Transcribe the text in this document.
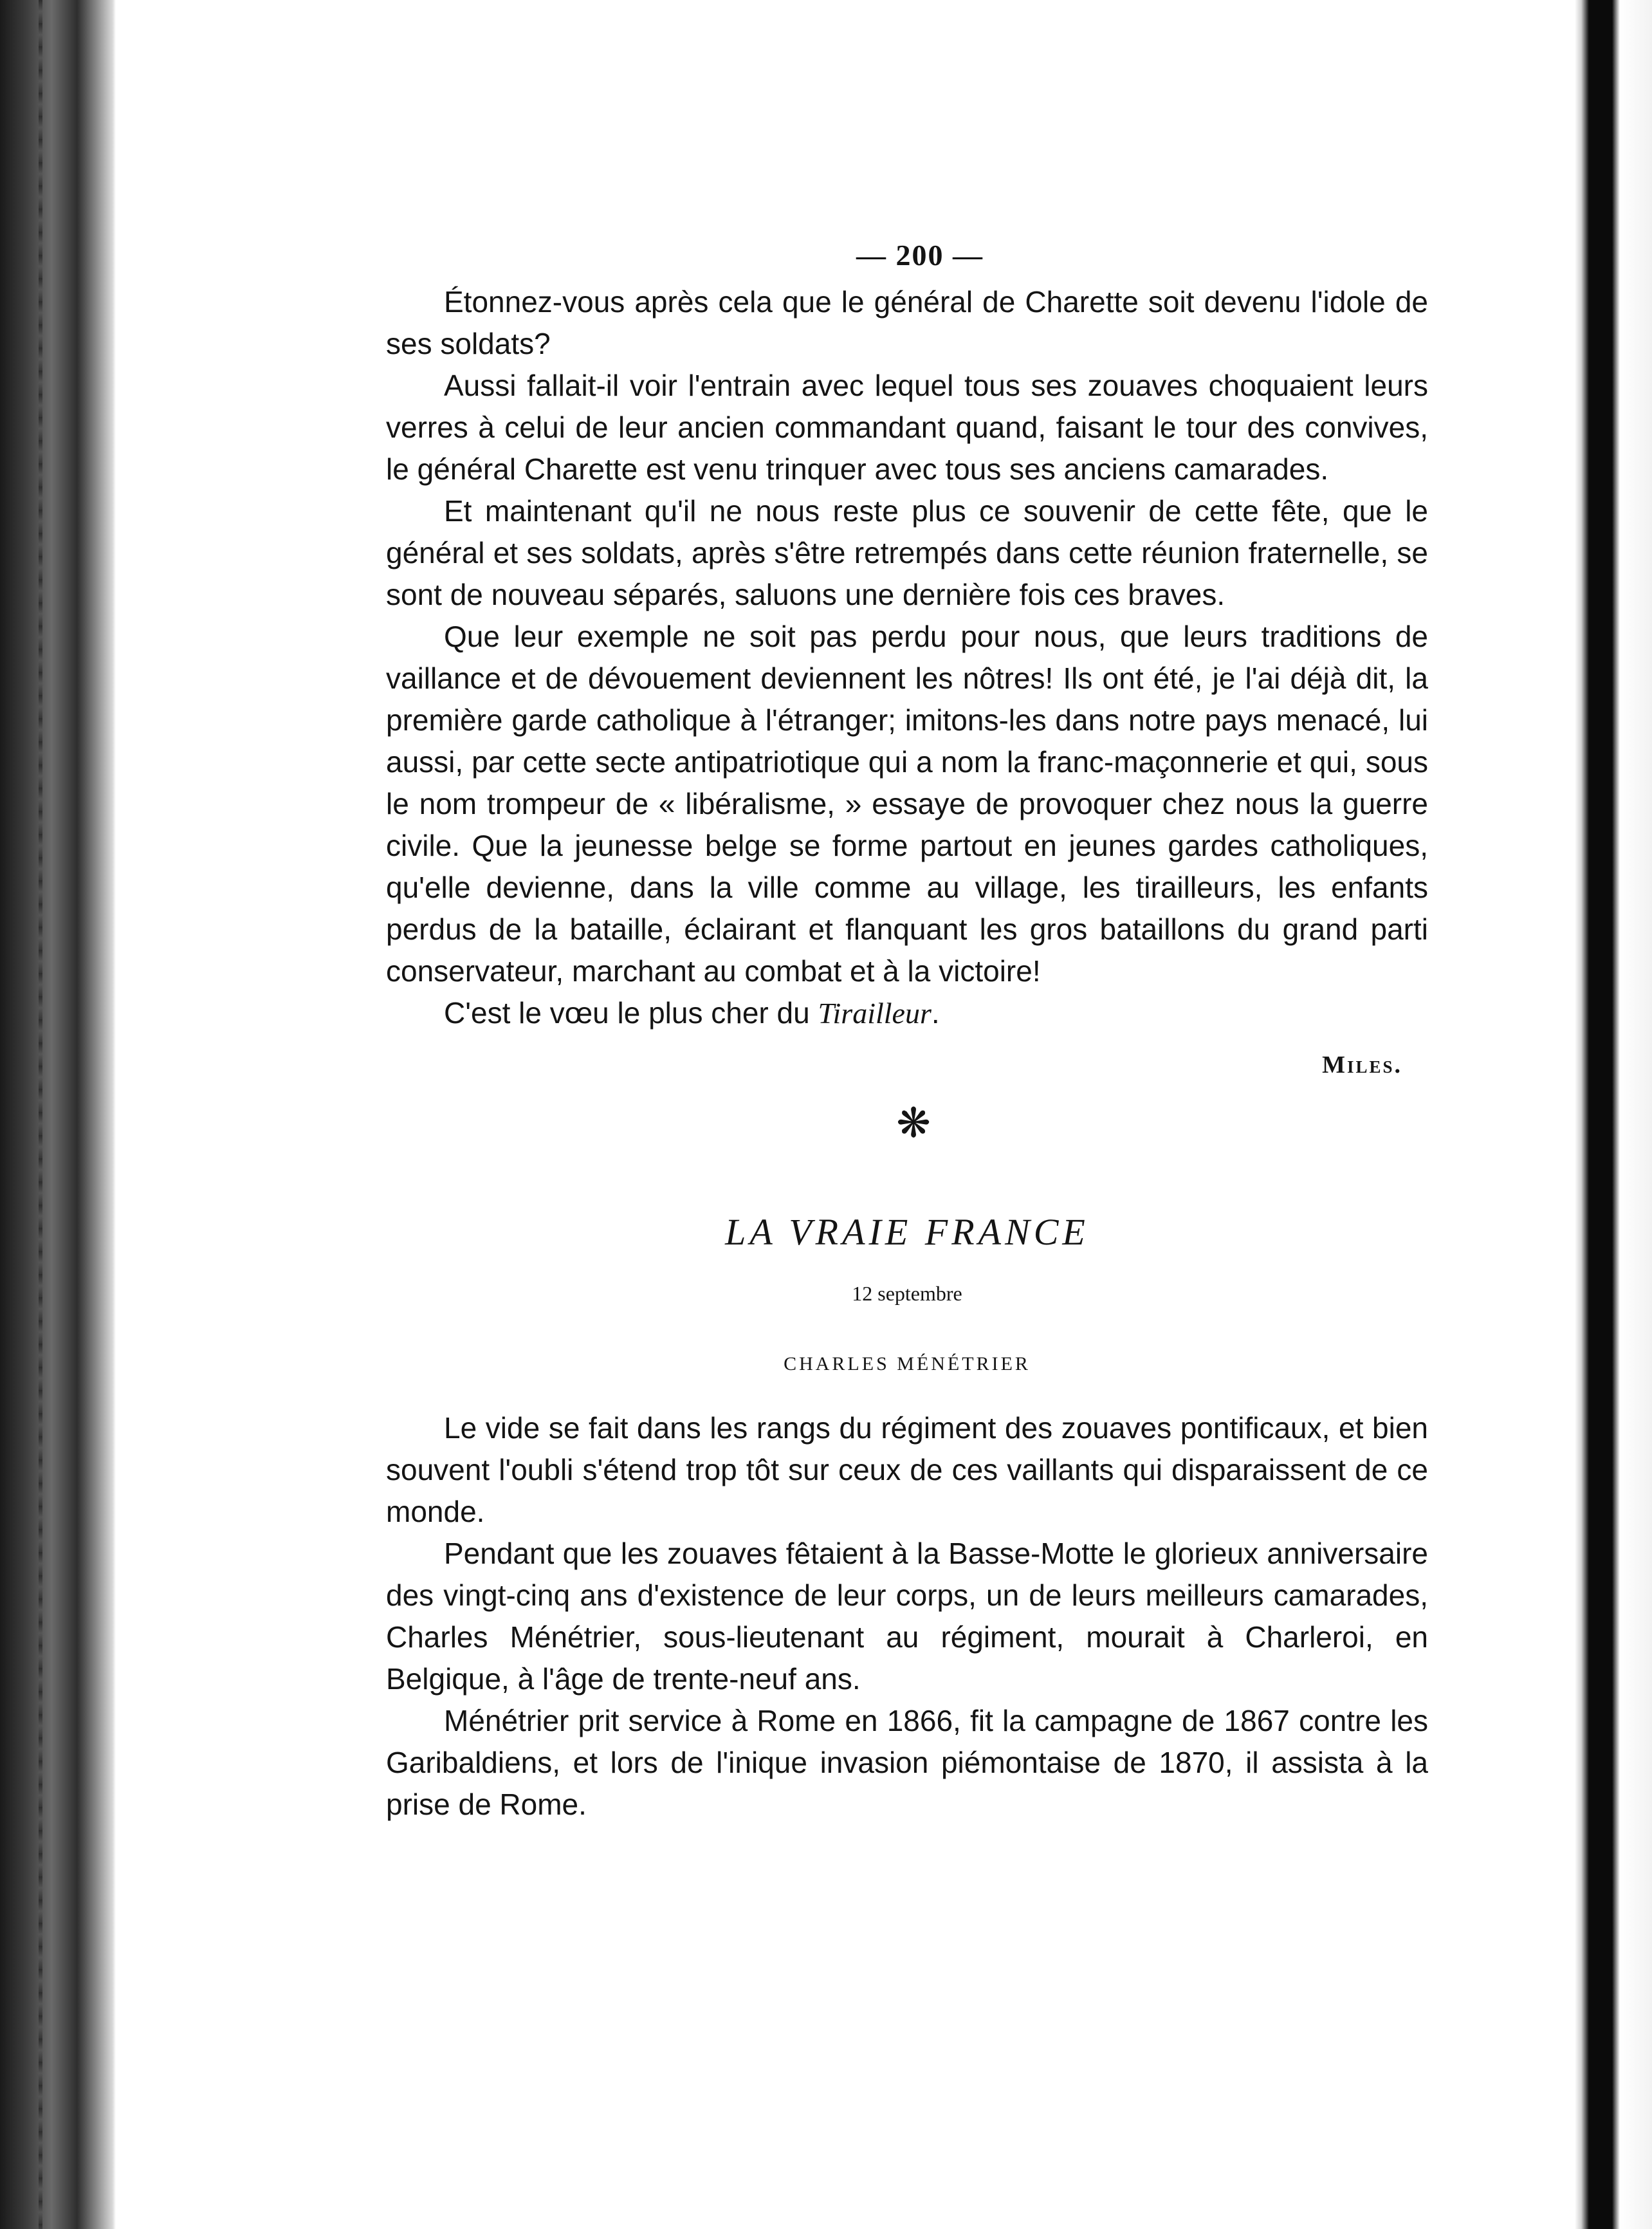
— 200 —

Étonnez-vous après cela que le général de Charette soit devenu l'idole de ses soldats?

Aussi fallait-il voir l'entrain avec lequel tous ses zouaves choquaient leurs verres à celui de leur ancien commandant quand, faisant le tour des convives, le général Charette est venu trinquer avec tous ses anciens camarades.

Et maintenant qu'il ne nous reste plus ce souvenir de cette fête, que le général et ses soldats, après s'être retrempés dans cette réunion fraternelle, se sont de nouveau séparés, saluons une dernière fois ces braves.

Que leur exemple ne soit pas perdu pour nous, que leurs traditions de vaillance et de dévouement deviennent les nôtres! Ils ont été, je l'ai déjà dit, la première garde catholique à l'étranger; imitons-les dans notre pays menacé, lui aussi, par cette secte antipatriotique qui a nom la franc-maçonnerie et qui, sous le nom trompeur de « libéralisme, » essaye de provoquer chez nous la guerre civile. Que la jeunesse belge se forme partout en jeunes gardes catholiques, qu'elle devienne, dans la ville comme au village, les tirailleurs, les enfants perdus de la bataille, éclairant et flanquant les gros bataillons du grand parti conservateur, marchant au combat et à la victoire!

C'est le vœu le plus cher du Tirailleur.

Miles.
❋
LA VRAIE FRANCE
12 septembre
CHARLES MÉNÉTRIER

Le vide se fait dans les rangs du régiment des zouaves pontificaux, et bien souvent l'oubli s'étend trop tôt sur ceux de ces vaillants qui disparaissent de ce monde.

Pendant que les zouaves fêtaient à la Basse-Motte le glorieux anniversaire des vingt-cinq ans d'existence de leur corps, un de leurs meilleurs camarades, Charles Ménétrier, sous-lieutenant au régiment, mourait à Charleroi, en Belgique, à l'âge de trente-neuf ans.

Ménétrier prit service à Rome en 1866, fit la campagne de 1867 contre les Garibaldiens, et lors de l'inique invasion piémontaise de 1870, il assista à la prise de Rome.
